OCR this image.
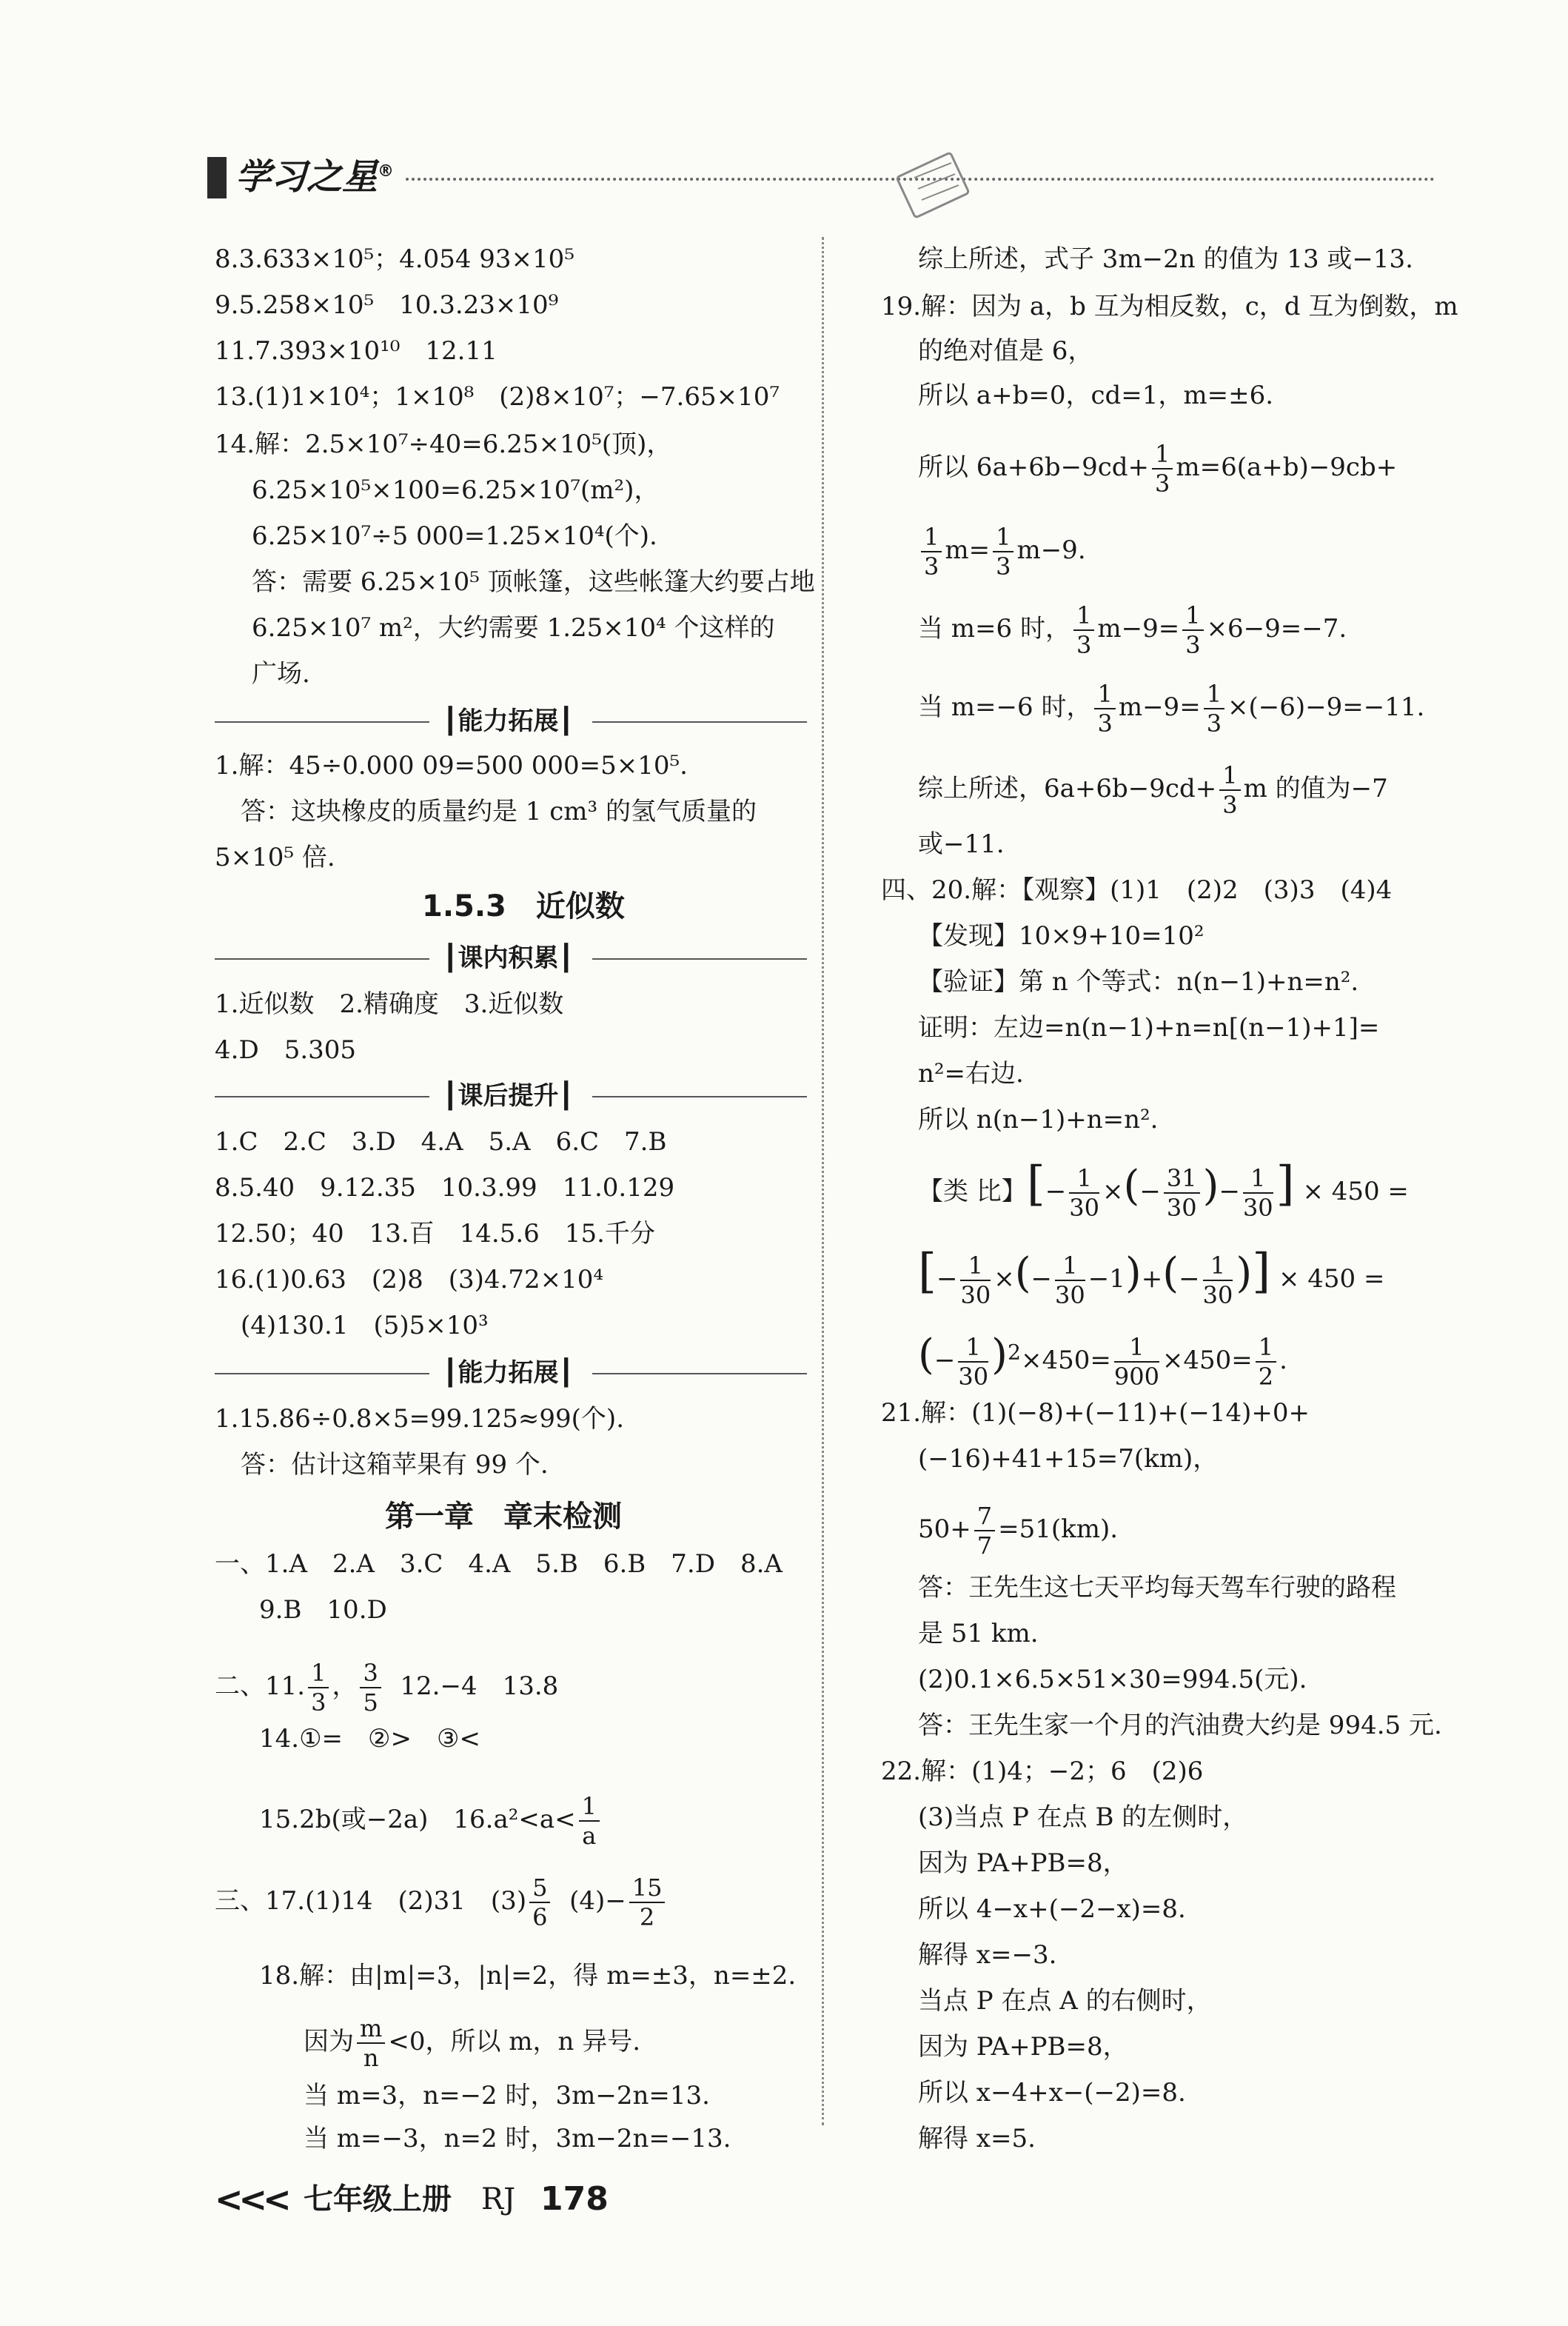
学习之星®
8.3.633×10⁵；4.054 93×10⁵
9.5.258×10⁵　10.3.23×10⁹
11.7.393×10¹⁰　12.11
13.(1)1×10⁴；1×10⁸　(2)8×10⁷；−7.65×10⁷
14.解：2.5×10⁷÷40=6.25×10⁵(顶)，
6.25×10⁵×100=6.25×10⁷(m²)，
6.25×10⁷÷5 000=1.25×10⁴(个).
答：需要 6.25×10⁵ 顶帐篷，这些帐篷大约要占地
6.25×10⁷ m²，大约需要 1.25×10⁴ 个这样的
广场.
┃能力拓展┃
1.解：45÷0.000 09=500 000=5×10⁵.
答：这块橡皮的质量约是 1 cm³ 的氢气质量的
5×10⁵ 倍.
1.5.3　近似数
┃课内积累┃
1.近似数　2.精确度　3.近似数
4.D　5.305
┃课后提升┃
1.C　2.C　3.D　4.A　5.A　6.C　7.B
8.5.40　9.12.35　10.3.99　11.0.129
12.50；40　13.百　14.5.6　15.千分
16.(1)0.63　(2)8　(3)4.72×10⁴
(4)130.1　(5)5×10³
┃能力拓展┃
1.15.86÷0.8×5=99.125≈99(个).
答：估计这箱苹果有 99 个.
第一章　章末检测
一、1.A　2.A　3.C　4.A　5.B　6.B　7.D　8.A
9.B　10.D
二、11. $\frac{1}{3}$ ， $\frac{3}{5} 12.-4$　13.8
14.①=　②>　③<
15.2b(或−2a)　$16.a^2<a< \frac{1}{a}$
三、17.(1)14　(2)31　$(3) \frac{5}{6} (4)- \frac{15}{2}$
18.解：由|m|=3，|n|=2，得 m=±3，n=±2.
因为 $\frac{m}{n} <0$，所以 m，n 异号.
当 m=3，n=−2 时，3m−2n=13.
当 m=−3，n=2 时，3m−2n=−13.
综上所述，式子 3m−2n 的值为 13 或−13.
19.解：因为 a，b 互为相反数，c，d 互为倒数，m
的绝对值是 6，
所以 a+b=0，cd=1，m=±6.
所以 $6a+6b-9cd+ \frac{1}{3} m=6(a+b)-9cb+$
$\frac{1}{3} m= \frac{1}{3} m-9$.
当 m=6 时， $\frac{1}{3} m-9= \frac{1}{3} \times 6-9=-7$.
当 m=−6 时， $\frac{1}{3} m-9= \frac{1}{3} \times(-6)-9=-11$.
综上所述，$6a+6b-9cd+ \frac{1}{3}$ m 的值为−7
或−11.
四、20.解：【观察】(1)1　(2)2　(3)3　(4)4
【发现】10×9+10=10²
【验证】第 n 个等式：n(n−1)+n=n².
证明：左边=n(n−1)+n=n[(n−1)+1]=
n²=右边.
所以 n(n−1)+n=n².
【类 比】[− $\frac{1}{30}$ ×(− $\frac{31}{30}$ )− $\frac{1}{30}$ ] × 450 =
[− $\frac{1}{30}$ ×(− $\frac{1}{30} -1)+(- \frac{1}{30}$ )] × 450 =
(− $\frac{1}{30} )^2\times 450= \frac{1}{900} \times 450= \frac{1}{2}$ .
21.解：(1)(−8)+(−11)+(−14)+0+
(−16)+41+15=7(km)，
$50+ \frac{7}{7} =51(km)$.
答：王先生这七天平均每天驾车行驶的路程
是 51 km.
(2)0.1×6.5×51×30=994.5(元).
答：王先生家一个月的汽油费大约是 994.5 元.
22.解：(1)4；−2；6　(2)6
(3)当点 P 在点 B 的左侧时，
因为 PA+PB=8，
所以 4−x+(−2−x)=8.
解得 x=−3.
当点 P 在点 A 的右侧时，
因为 PA+PB=8，
所以 x−4+x−(−2)=8.
解得 x=5.
<<< 七年级上册 RJ 178
